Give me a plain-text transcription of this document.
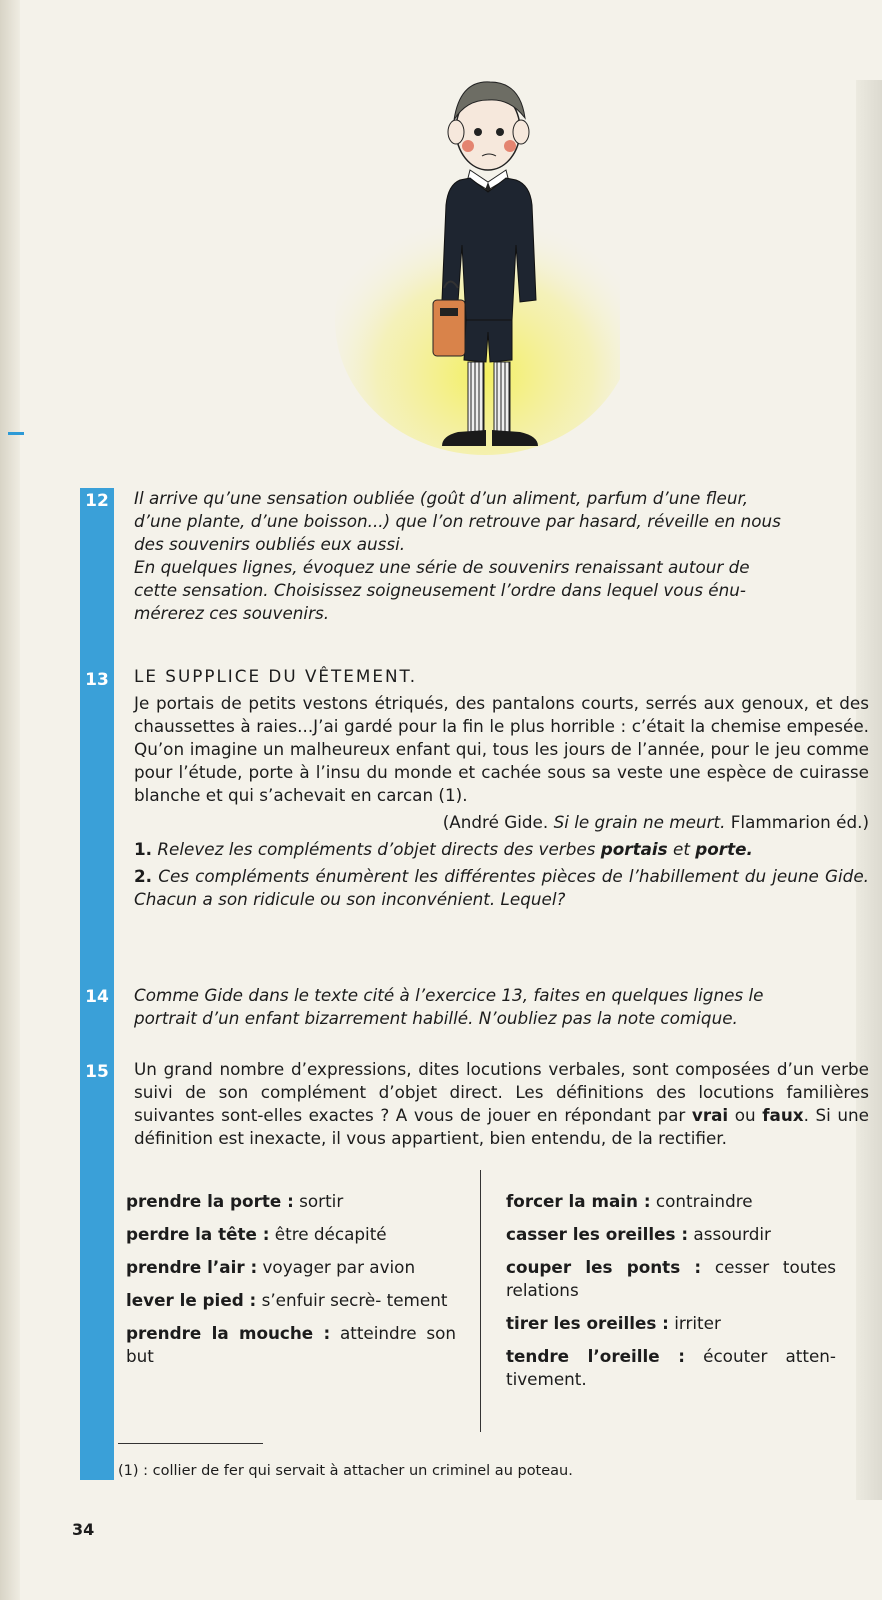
12	Il arrive qu’une sensation oubliée (goût d’un aliment, parfum d’une fleur,

d’une plante, d’une boisson...) que l’on retrouve par hasard, réveille en nous

des souvenirs oubliés eux aussi.

En quelques lignes, évoquez une série de souvenirs renaissant autour de

cette sensation. Choisissez soigneusement l’ordre dans lequel vous énu-

mérerez ces souvenirs.

13	LE SUPPLICE DU VÊTEMENT.

Je portais de petits vestons étriqués, des pantalons courts, serrés aux genoux, et des chaussettes à raies...J’ai gardé pour la fin le plus horrible : c’était la chemise empesée. Qu’on imagine un malheureux enfant qui, tous les jours de l’année, pour le jeu comme pour l’étude, porte à l’insu du monde et cachée sous sa veste une espèce de cuirasse blanche et qui s’achevait en carcan (1).

(André Gide. Si le grain ne meurt. Flammarion éd.)

1. Relevez les compléments d’objet directs des verbes portais et porte.

2. Ces compléments énumèrent les différentes pièces de l’habillement du jeune Gide. Chacun a son ridicule ou son inconvénient. Lequel?

14	Comme Gide dans le texte cité à l’exercice 13, faites en quelques lignes le

portrait d’un enfant bizarrement habillé. N’oubliez pas la note comique.

15	Un grand nombre d’expressions, dites locutions verbales, sont composées d’un verbe suivi de son complément d’objet direct. Les définitions des locutions familières suivantes sont-elles exactes ? A vous de jouer en répondant par vrai ou faux. Si une définition est inexacte, il vous appartient, bien entendu, de la rectifier.
prendre la porte : sortir
perdre la tête : être décapité
prendre l’air : voyager par avion
lever le pied : s’enfuir secrè- tement
prendre la mouche : atteindre son but
forcer la main : contraindre
casser les oreilles : assourdir
couper les ponts : cesser toutes relations
tirer les oreilles : irriter
tendre l’oreille : écouter atten- tivement.
(1) : collier de fer qui servait à attacher un criminel au poteau.
34
